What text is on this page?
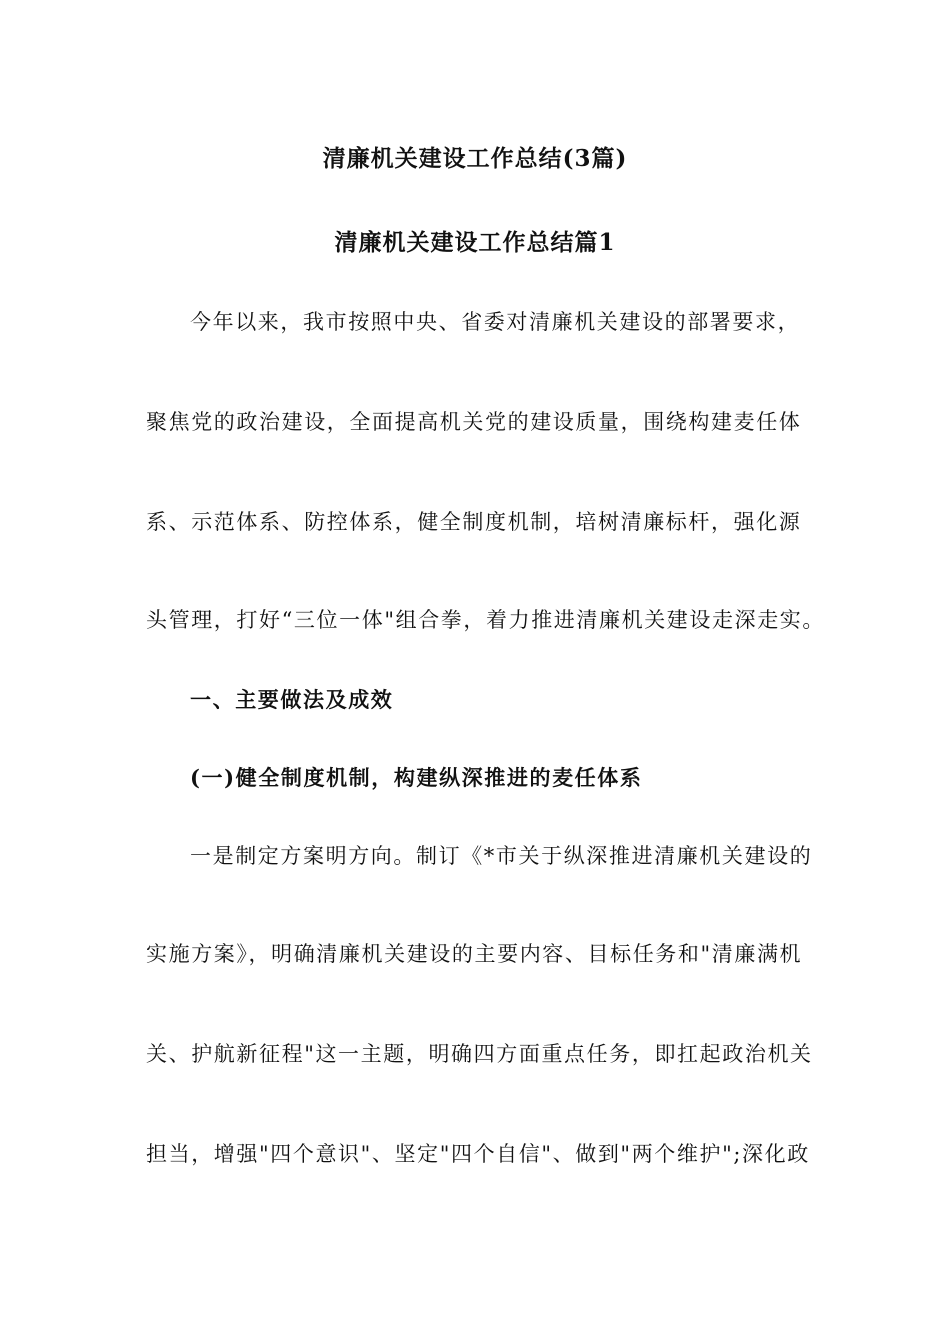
清廉机关建设工作总结(3篇)
清廉机关建设工作总结篇1
今年以来，我市按照中央、省委对清廉机关建设的部署要求，
聚焦党的政治建设，全面提高机关党的建设质量，围绕构建麦任体
系、示范体系、防控体系，健全制度机制，培树清廉标杆，强化源
头管理，打好“三位一体"组合拳，着力推进清廉机关建设走深走实。
一、主要做法及成效
(一)健全制度机制，构建纵深推进的麦任体系
一是制定方案明方向。制订《*市关于纵深推进清廉机关建设的
实施方案》，明确清廉机关建设的主要内容、目标任务和"清廉满机
关、护航新征程"这一主题，明确四方面重点任务，即扛起政治机关
担当，增强"四个意识"、坚定"四个自信"、做到"两个维护";深化政
